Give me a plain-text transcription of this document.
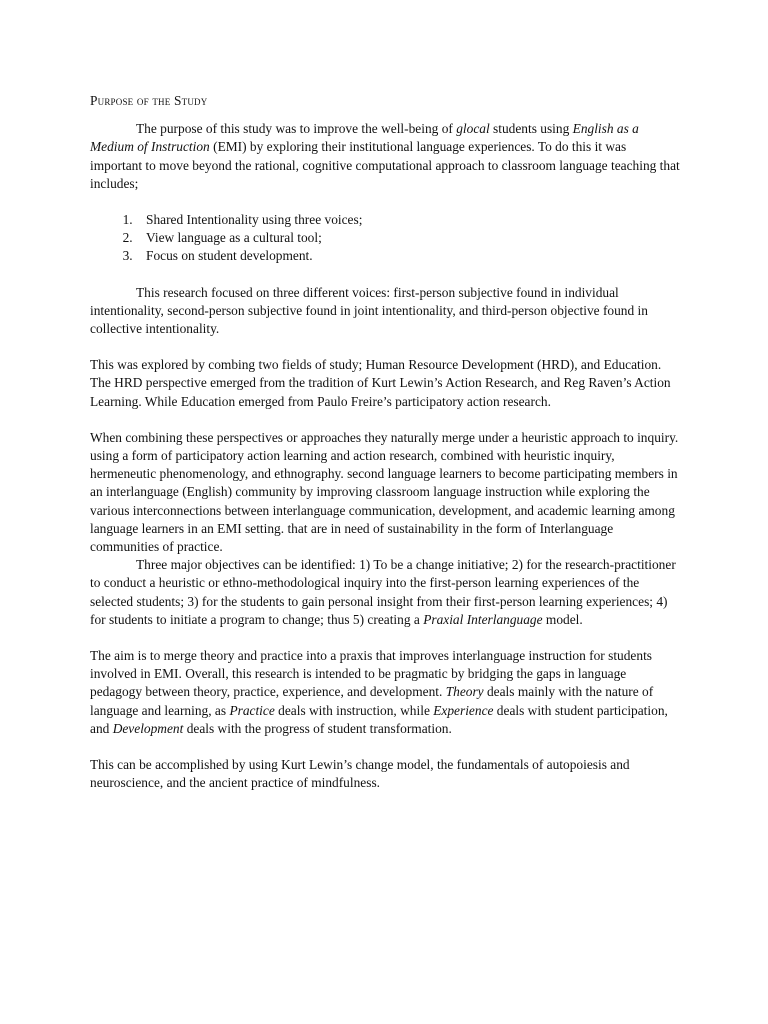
Purpose of the Study

The purpose of this study was to improve the well-being of glocal students using English as a Medium of Instruction (EMI) by exploring their institutional language experiences. To do this it was important to move beyond the rational, cognitive computational approach to classroom language teaching that includes;

1. Shared Intentionality using three voices;
2. View language as a cultural tool;
3. Focus on student development.

This research focused on three different voices: first-person subjective found in individual intentionality, second-person subjective found in joint intentionality, and third-person objective found in collective intentionality.

This was explored by combing two fields of study; Human Resource Development (HRD), and Education. The HRD perspective emerged from the tradition of Kurt Lewin’s Action Research, and Reg Raven’s Action Learning. While Education emerged from Paulo Freire’s participatory action research.

When combining these perspectives or approaches they naturally merge under a heuristic approach to inquiry. using a form of participatory action learning and action research, combined with heuristic inquiry, hermeneutic phenomenology, and ethnography. second language learners to become participating members in an interlanguage (English) community by improving classroom language instruction while exploring the various interconnections between interlanguage communication, development, and academic learning among language learners in an EMI setting. that are in need of sustainability in the form of Interlanguage communities of practice.

Three major objectives can be identified: 1) To be a change initiative; 2) for the research-practitioner to conduct a heuristic or ethno-methodological inquiry into the first-person learning experiences of the selected students; 3) for the students to gain personal insight from their first-person learning experiences; 4) for students to initiate a program to change; thus 5) creating a Praxial Interlanguage model.

The aim is to merge theory and practice into a praxis that improves interlanguage instruction for students involved in EMI. Overall, this research is intended to be pragmatic by bridging the gaps in language pedagogy between theory, practice, experience, and development. Theory deals mainly with the nature of language and learning, as Practice deals with instruction, while Experience deals with student participation, and Development deals with the progress of student transformation.

This can be accomplished by using Kurt Lewin’s change model, the fundamentals of autopoiesis and neuroscience, and the ancient practice of mindfulness.
